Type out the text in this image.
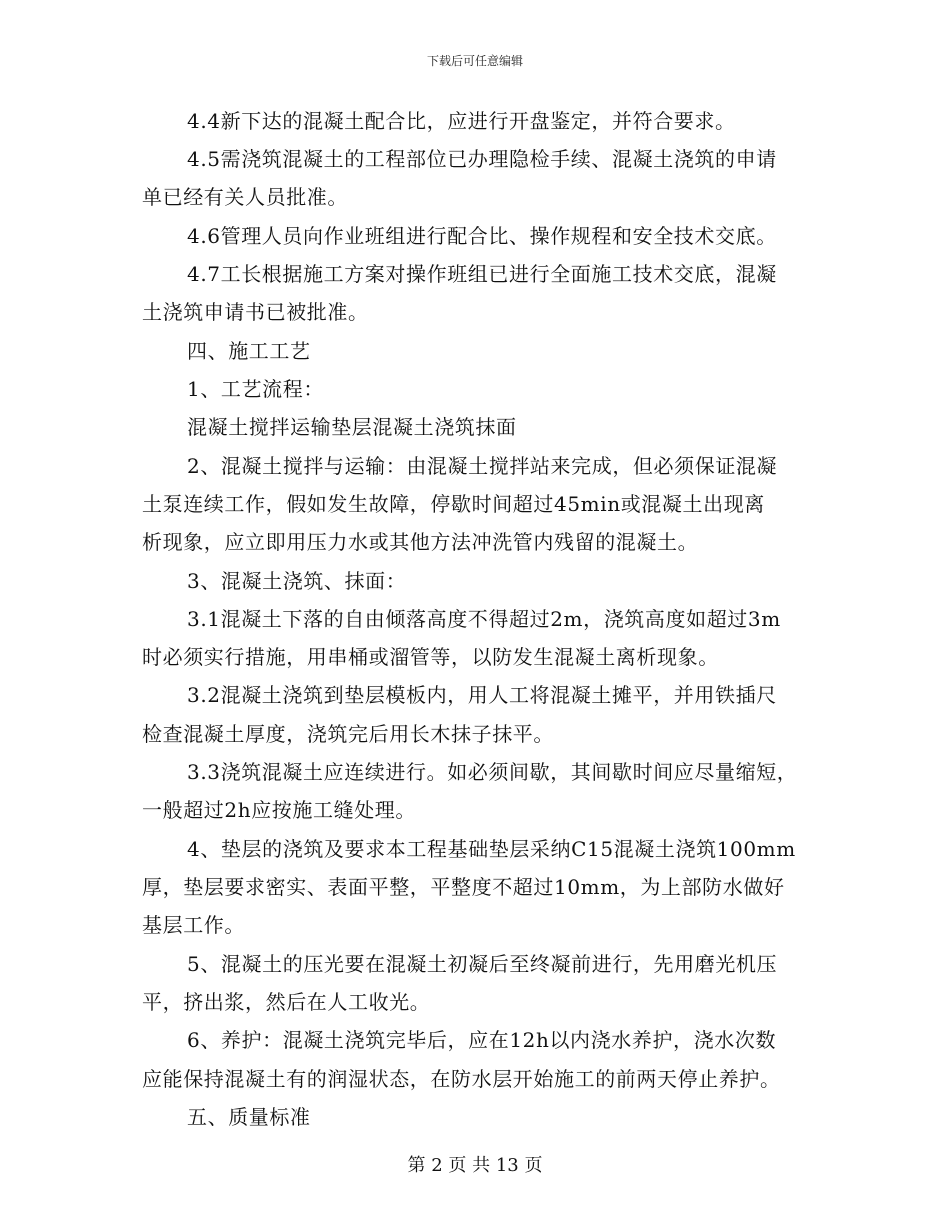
下载后可任意编辑
4.4新下达的混凝土配合比，应进行开盘鉴定，并符合要求。
4.5需浇筑混凝土的工程部位已办理隐检手续、混凝土浇筑的申请
单已经有关人员批准。
4.6管理人员向作业班组进行配合比、操作规程和安全技术交底。
4.7工长根据施工方案对操作班组已进行全面施工技术交底，混凝
土浇筑申请书已被批准。
四、施工工艺
1、工艺流程：
混凝土搅拌运输垫层混凝土浇筑抹面
2、混凝土搅拌与运输：由混凝土搅拌站来完成，但必须保证混凝
土泵连续工作，假如发生故障，停歇时间超过45min或混凝土出现离
析现象，应立即用压力水或其他方法冲洗管内残留的混凝土。
3、混凝土浇筑、抹面：
3.1混凝土下落的自由倾落高度不得超过2m，浇筑高度如超过3m
时必须实行措施，用串桶或溜管等，以防发生混凝土离析现象。
3.2混凝土浇筑到垫层模板内，用人工将混凝土摊平，并用铁插尺
检查混凝土厚度，浇筑完后用长木抹子抹平。
3.3浇筑混凝土应连续进行。如必须间歇，其间歇时间应尽量缩短，
一般超过2h应按施工缝处理。
4、垫层的浇筑及要求本工程基础垫层采纳C15混凝土浇筑100mm
厚，垫层要求密实、表面平整，平整度不超过10mm，为上部防水做好
基层工作。
5、混凝土的压光要在混凝土初凝后至终凝前进行，先用磨光机压
平，挤出浆，然后在人工收光。
6、养护：混凝土浇筑完毕后，应在12h以内浇水养护，浇水次数
应能保持混凝土有的润湿状态，在防水层开始施工的前两天停止养护。
五、质量标准
第 2 页 共 13 页
